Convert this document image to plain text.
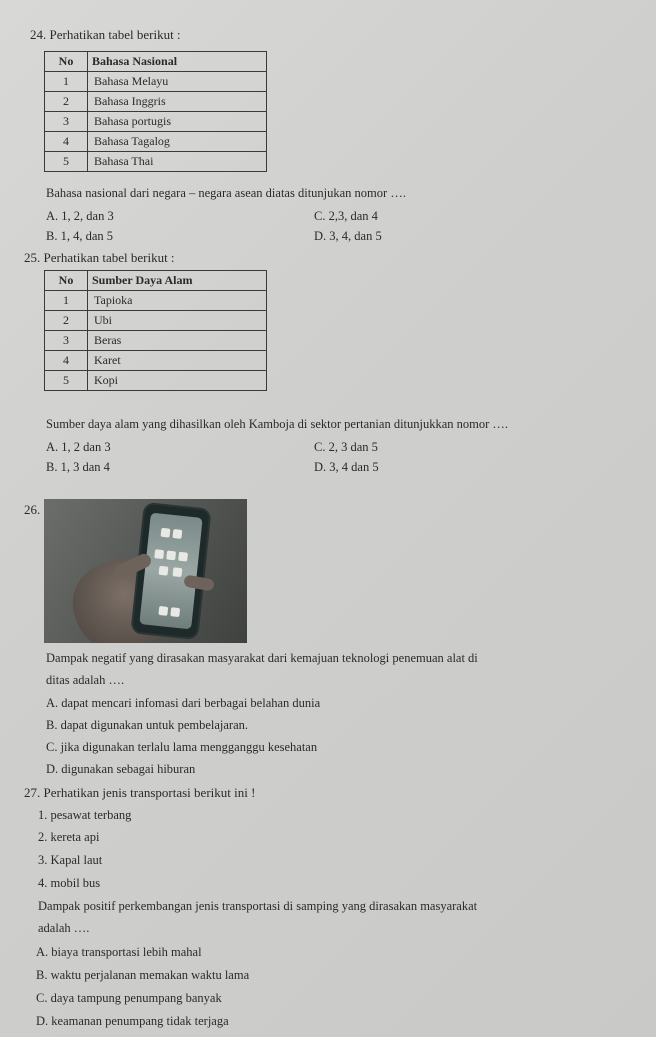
24. Perhatikan tabel berikut :
No	Bahasa Nasional
1	Bahasa Melayu
2	Bahasa Inggris
3	Bahasa portugis
4	Bahasa Tagalog
5	Bahasa Thai
Bahasa nasional dari negara – negara asean diatas ditunjukan nomor ….
A. 1, 2, dan 3	C. 2,3, dan 4
B. 1, 4, dan 5	D. 3, 4, dan 5
25. Perhatikan tabel berikut :
No	Sumber Daya Alam
1	Tapioka
2	Ubi
3	Beras
4	Karet
5	Kopi
Sumber daya alam yang dihasilkan oleh Kamboja di sektor pertanian ditunjukkan nomor ….
A. 1, 2 dan 3	C. 2, 3 dan 5
B. 1, 3 dan 4	D. 3, 4 dan 5
26.
Dampak negatif yang dirasakan masyarakat dari kemajuan teknologi penemuan alat di
ditas adalah ….
A. dapat mencari infomasi dari berbagai belahan dunia
B. dapat digunakan untuk pembelajaran.
C. jika digunakan terlalu lama mengganggu kesehatan
D. digunakan sebagai hiburan
27. Perhatikan jenis transportasi berikut ini !
1. pesawat terbang
2. kereta api
3. Kapal laut
4. mobil bus
Dampak positif perkembangan jenis transportasi di samping yang dirasakan masyarakat
adalah ….
A. biaya transportasi lebih mahal
B. waktu perjalanan memakan waktu lama
C. daya tampung penumpang banyak
D. keamanan penumpang tidak terjaga
